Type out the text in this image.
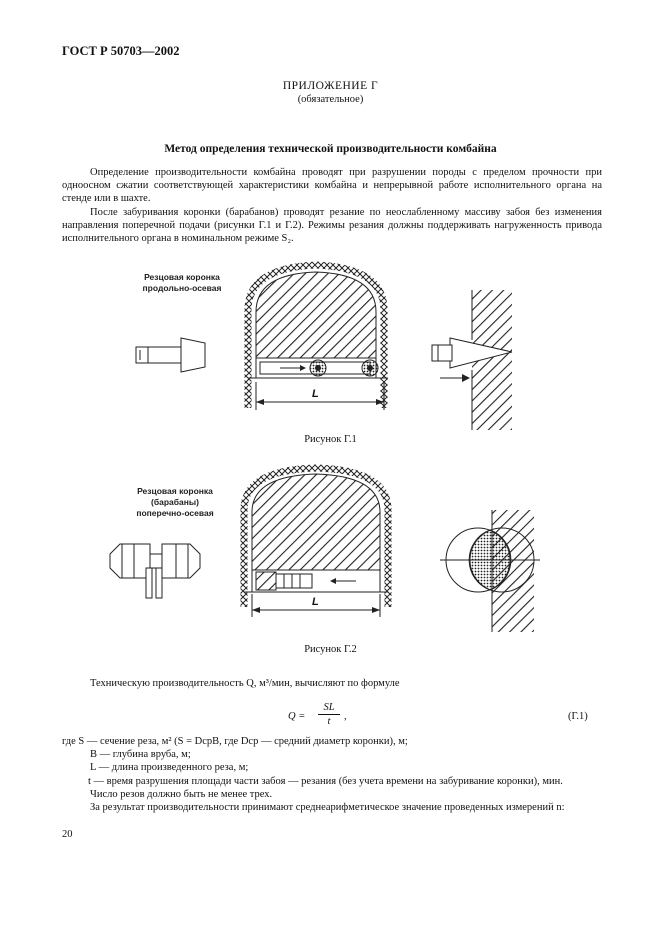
ГОСТ Р 50703—2002
ПРИЛОЖЕНИЕ Г
(обязательное)
Метод определения технической производительности комбайна

Определение производительности комбайна проводят при разрушении породы с пределом прочности при одноосном сжатии соответствующей характеристики комбайна и непрерывной работе исполнительного органа на стенде или в шахте.

После забуривания коронки (барабанов) проводят резание по неослабленному массиву забоя без изменения направления поперечной подачи (рисунки Г.1 и Г.2). Режимы резания должны поддерживать нагруженность привода исполнительного органа в номинальном режиме S₂.

Резцовая коронка
продольно-осевая
L
Рисунок Г.1
Резцовая коронка
(барабаны)
поперечно-осевая
L
Рисунок Г.2
Техническую производительность Q, м³/мин, вычисляют по формуле
Q =
SL
t	,	(Г.1)
где S — сечение реза, м² (S = DсрB, где Dср — средний диаметр коронки), м;
B — глубина вруба, м;
L — длина произведенного реза, м;
t — время разрушения площади части забоя — резания (без учета времени на забуривание коронки), мин.
Число резов должно быть не менее трех.
За результат производительности принимают среднеарифметическое значение проведенных измерений n:
20
